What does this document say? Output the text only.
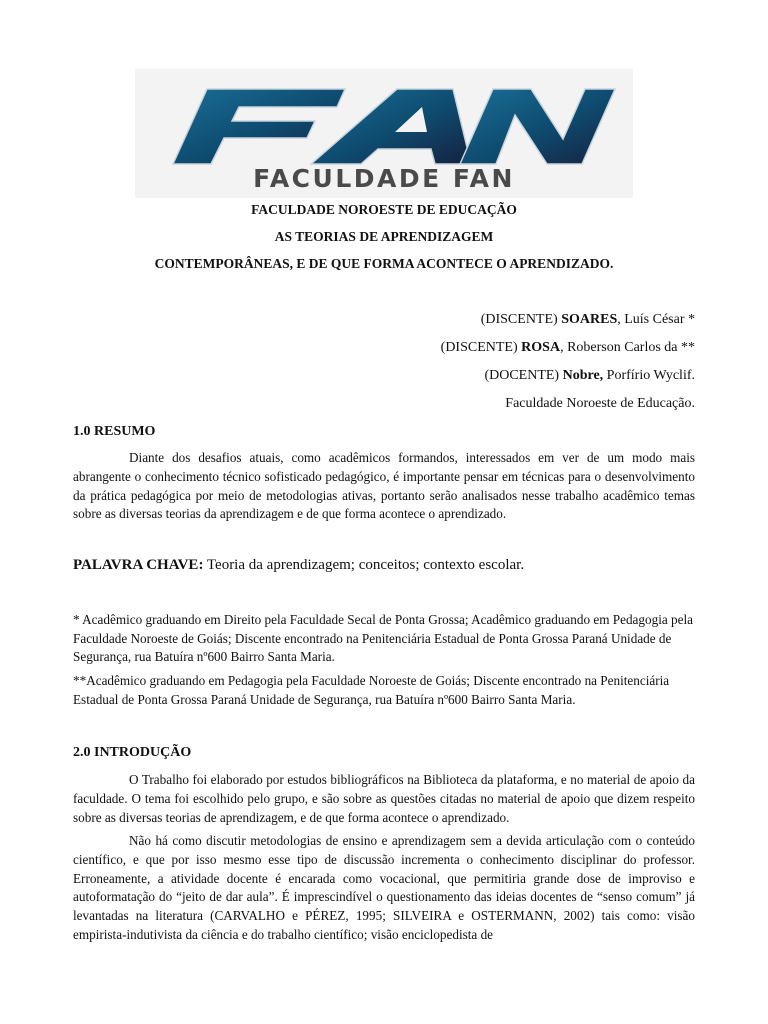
FACULDADE FAN
FACULDADE NOROESTE DE EDUCAÇÃO
AS TEORIAS DE APRENDIZAGEM
CONTEMPORÂNEAS, E DE QUE FORMA ACONTECE O APRENDIZADO.
(DISCENTE) SOARES, Luís César *
(DISCENTE) ROSA, Roberson Carlos da **
(DOCENTE) Nobre, Porfírio Wyclif.
Faculdade Noroeste de Educação.
1.0 RESUMO
Diante dos desafios atuais, como acadêmicos formandos, interessados em ver de um modo mais abrangente o conhecimento técnico sofisticado pedagógico, é importante pensar em técnicas para o desenvolvimento da prática pedagógica por meio de metodologias ativas, portanto serão analisados nesse trabalho acadêmico temas sobre as diversas teorias da aprendizagem e de que forma acontece o aprendizado.
PALAVRA CHAVE: Teoria da aprendizagem; conceitos; contexto escolar.
* Acadêmico graduando em Direito pela Faculdade Secal de Ponta Grossa; Acadêmico graduando em Pedagogia pela Faculdade Noroeste de Goiás; Discente encontrado na Penitenciária Estadual de Ponta Grossa Paraná Unidade de Segurança, rua Batuíra nº600 Bairro Santa Maria.
**Acadêmico graduando em Pedagogia pela Faculdade Noroeste de Goiás; Discente encontrado na Penitenciária Estadual de Ponta Grossa Paraná Unidade de Segurança, rua Batuíra nº600 Bairro Santa Maria.
2.0 INTRODUÇÃO
O Trabalho foi elaborado por estudos bibliográficos na Biblioteca da plataforma, e no material de apoio da faculdade. O tema foi escolhido pelo grupo, e são sobre as questões citadas no material de apoio que dizem respeito sobre as diversas teorias de aprendizagem, e de que forma acontece o aprendizado.
Não há como discutir metodologias de ensino e aprendizagem sem a devida articulação com o conteúdo científico, e que por isso mesmo esse tipo de discussão incrementa o conhecimento disciplinar do professor. Erroneamente, a atividade docente é encarada como vocacional, que permitiria grande dose de improviso e autoformatação do “jeito de dar aula”. É imprescindível o questionamento das ideias docentes de “senso comum” já levantadas na literatura (CARVALHO e PÉREZ, 1995; SILVEIRA e OSTERMANN, 2002) tais como: visão empirista-indutivista da ciência e do trabalho científico; visão enciclopedista de
